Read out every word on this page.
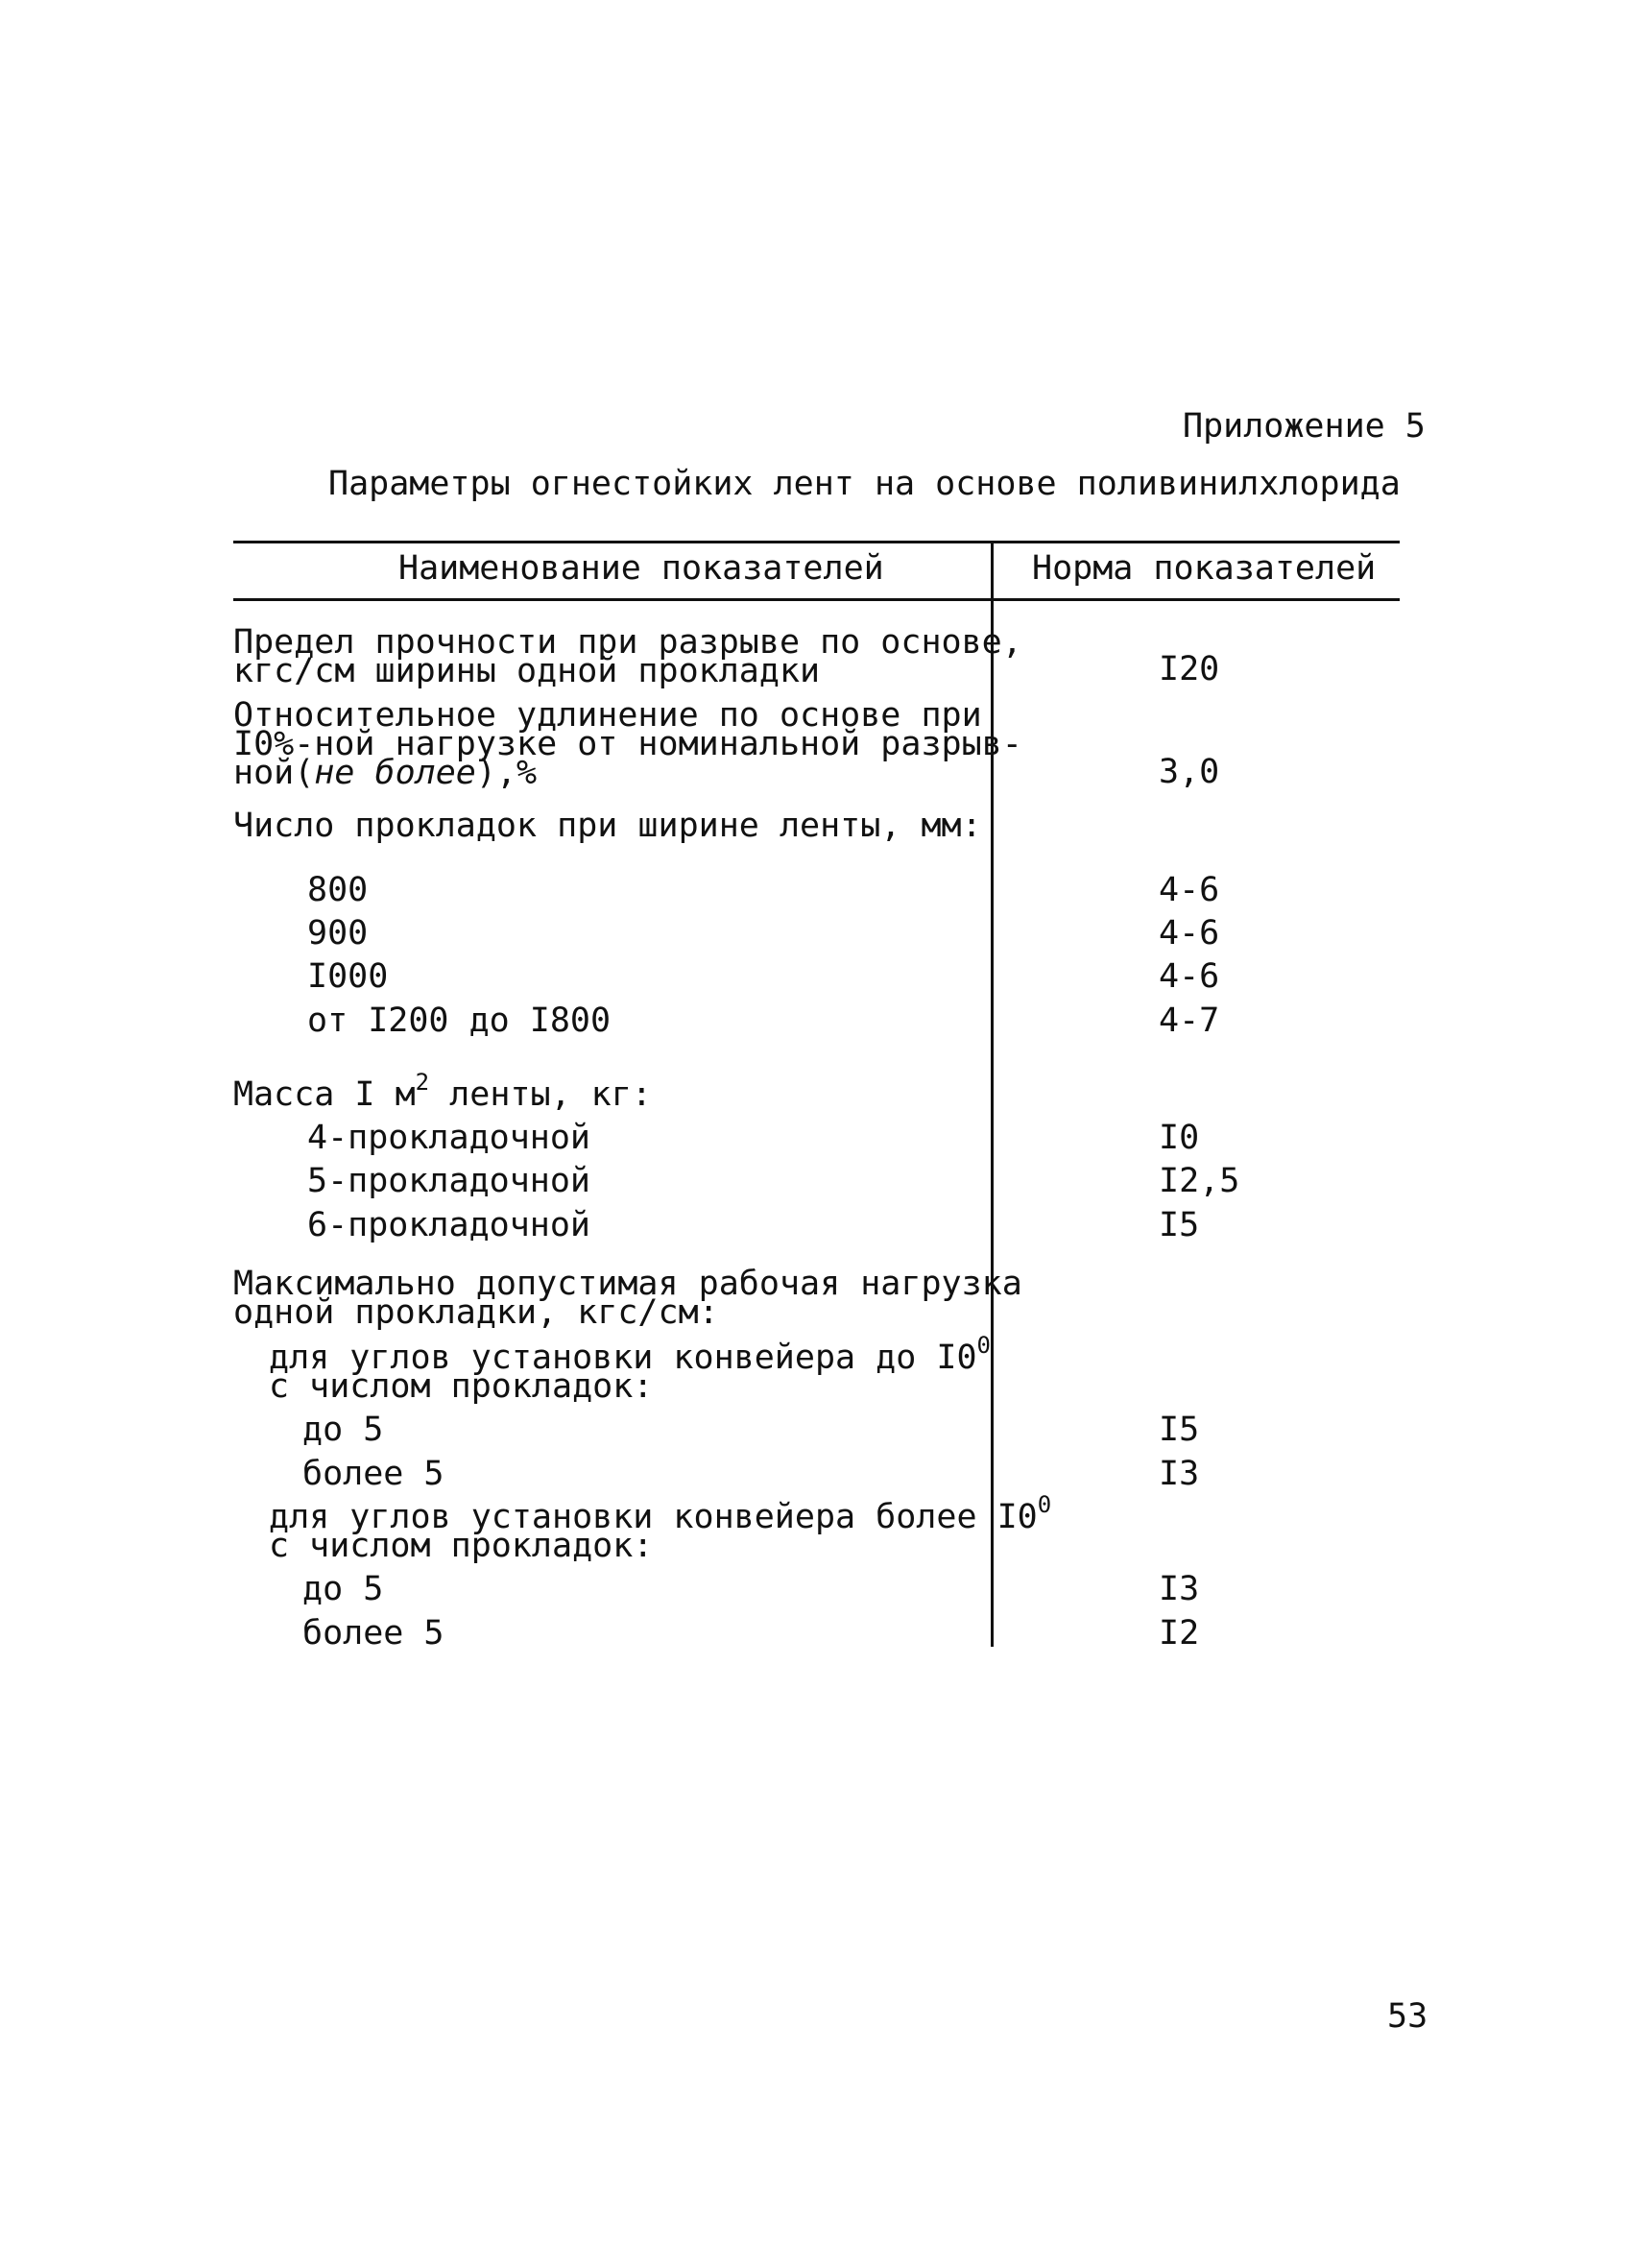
Приложение 5
Параметры огнестойких лент на основе поливинилхлорида
Наименование показателей	Норма показателей
Предел прочности при разрыве по основе,
кгс/см ширины одной прокладки	I20
Относительное удлинение по основе при
I0%-ной нагрузке от номинальной разрыв-
ной(не более),%	3,0
Число прокладок при ширине ленты, мм:
800	4-6
900	4-6
I000	4-6
от I200 до I800	4-7
Масса I $м^2$ ленты, кг:
4-прокладочной	I0
5-прокладочной	I2,5
6-прокладочной	I5
Максимально допустимая рабочая нагрузка
одной прокладки, кгс/см:
для углов установки конвейера до $I0^0$
с числом прокладок:
до 5	I5
более 5	I3
для углов установки конвейера более $I0^0$
с числом прокладок:
до 5	I3
более 5	I2
53
